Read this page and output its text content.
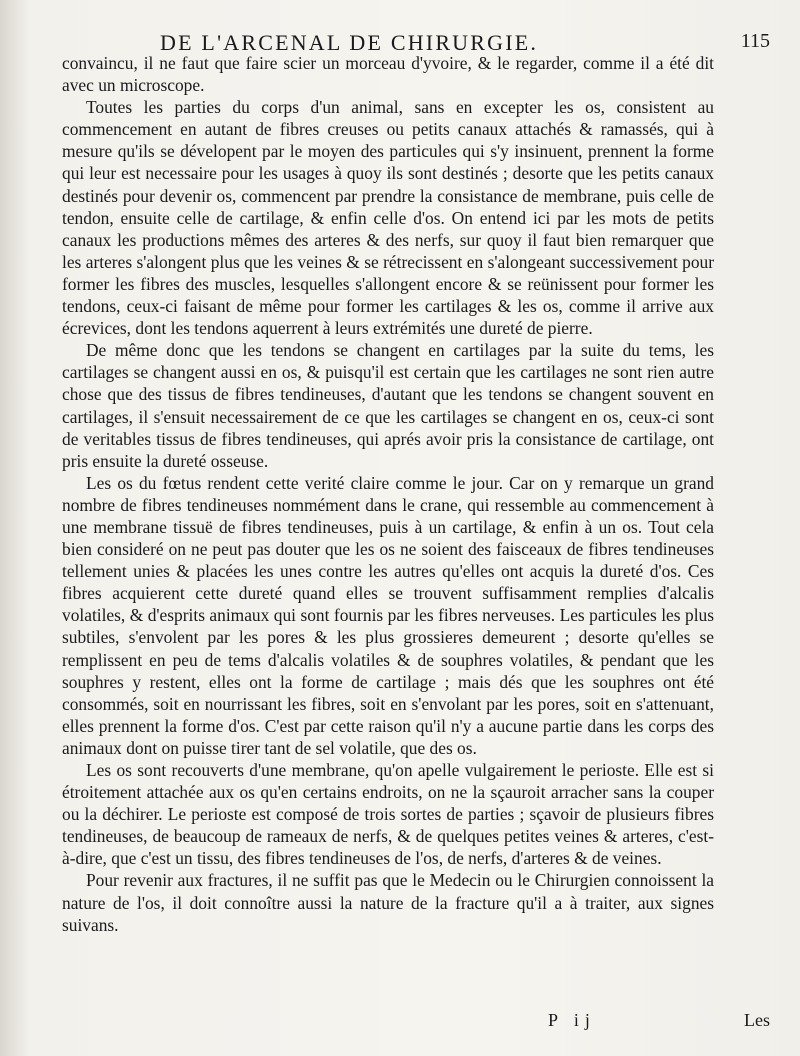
DE L'ARCENAL DE CHIRURGIE.	115

convaincu, il ne faut que faire scier un morceau d'yvoire, & le regarder, comme il a été dit avec un microscope.

Toutes les parties du corps d'un animal, sans en excepter les os, consistent au commencement en autant de fibres creuses ou petits canaux attachés & ramassés, qui à mesure qu'ils se dévelopent par le moyen des particules qui s'y insinuent, prennent la forme qui leur est necessaire pour les usages à quoy ils sont destinés ; desorte que les petits canaux destinés pour devenir os, commencent par prendre la consistance de membrane, puis celle de tendon, ensuite celle de cartilage, & enfin celle d'os. On entend ici par les mots de petits canaux les productions mêmes des arteres & des nerfs, sur quoy il faut bien remarquer que les arteres s'alongent plus que les veines & se rétrecissent en s'alongeant successivement pour former les fibres des muscles, lesquelles s'allongent encore & se reünissent pour former les tendons, ceux-ci faisant de même pour former les cartilages & les os, comme il arrive aux écrevices, dont les tendons aquerrent à leurs extrémités une dureté de pierre.

De même donc que les tendons se changent en cartilages par la suite du tems, les cartilages se changent aussi en os, & puisqu'il est certain que les cartilages ne sont rien autre chose que des tissus de fibres tendineuses, d'autant que les tendons se changent souvent en cartilages, il s'ensuit necessairement de ce que les cartilages se changent en os, ceux-ci sont de veritables tissus de fibres tendineuses, qui aprés avoir pris la consistance de cartilage, ont pris ensuite la dureté osseuse.

Les os du fœtus rendent cette verité claire comme le jour. Car on y remarque un grand nombre de fibres tendineuses nommément dans le crane, qui ressemble au commencement à une membrane tissuë de fibres tendineuses, puis à un cartilage, & enfin à un os. Tout cela bien consideré on ne peut pas douter que les os ne soient des faisceaux de fibres tendineuses tellement unies & placées les unes contre les autres qu'elles ont acquis la dureté d'os. Ces fibres acquierent cette dureté quand elles se trouvent suffisamment remplies d'alcalis volatiles, & d'esprits animaux qui sont fournis par les fibres nerveuses. Les particules les plus subtiles, s'envolent par les pores & les plus grossieres demeurent ; desorte qu'elles se remplissent en peu de tems d'alcalis volatiles & de souphres volatiles, & pendant que les souphres y restent, elles ont la forme de cartilage ; mais dés que les souphres ont été consommés, soit en nourrissant les fibres, soit en s'envolant par les pores, soit en s'attenuant, elles prennent la forme d'os. C'est par cette raison qu'il n'y a aucune partie dans les corps des animaux dont on puisse tirer tant de sel volatile, que des os.

Les os sont recouverts d'une membrane, qu'on apelle vulgairement le perioste. Elle est si étroitement attachée aux os qu'en certains endroits, on ne la sçauroit arracher sans la couper ou la déchirer. Le perioste est composé de trois sortes de parties ; sçavoir de plusieurs fibres tendineuses, de beaucoup de rameaux de nerfs, & de quelques petites veines & arteres, c'est-à-dire, que c'est un tissu, des fibres tendineuses de l'os, de nerfs, d'arteres & de veines.

Pour revenir aux fractures, il ne suffit pas que le Medecin ou le Chirurgien connoissent la nature de l'os, il doit connoître aussi la nature de la fracture qu'il a à traiter, aux signes suivans.

P ij	Les
